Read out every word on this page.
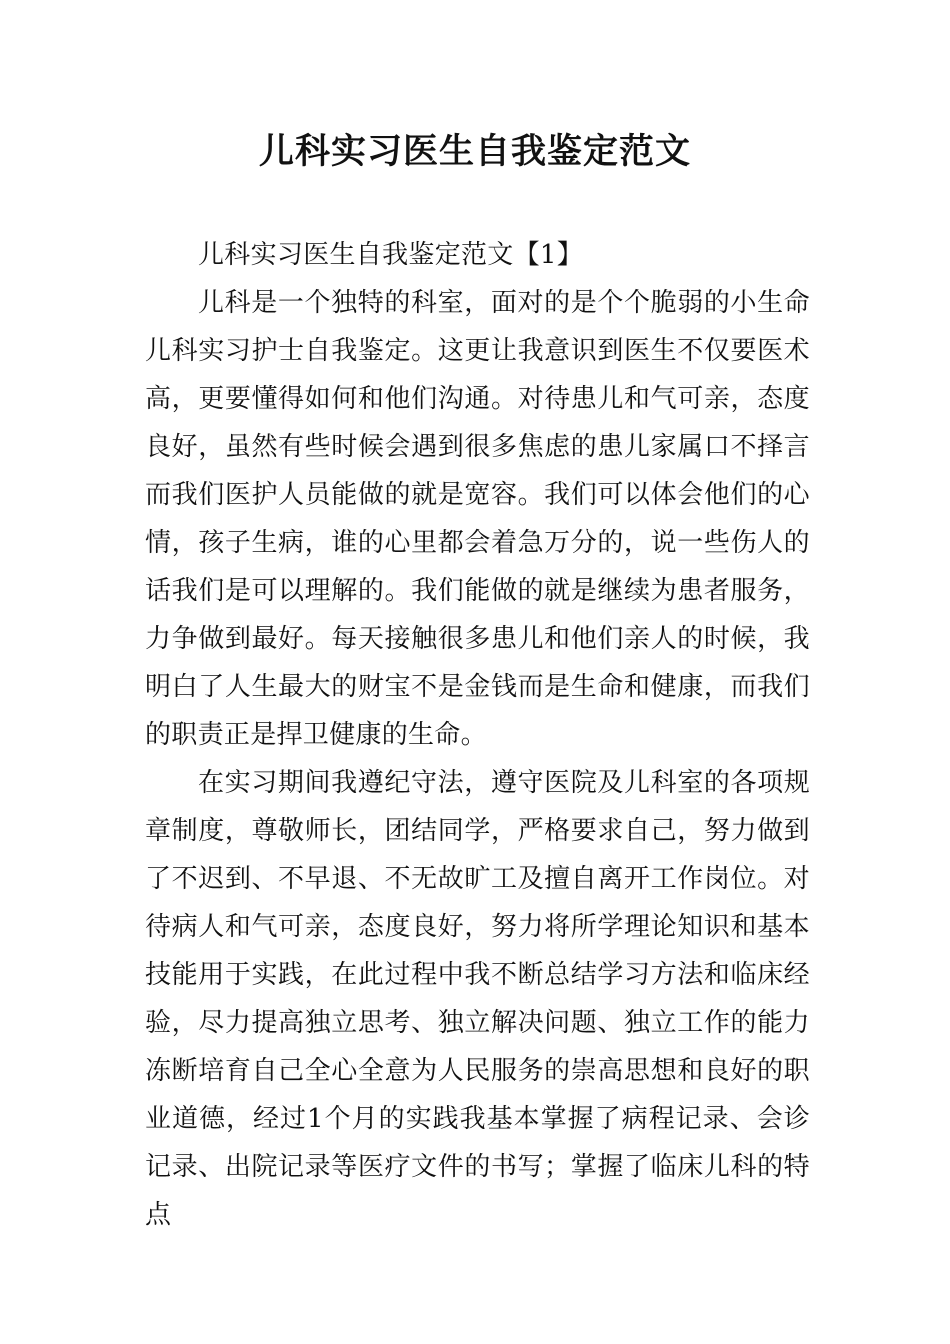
儿科实习医生自我鉴定范文

儿科实习医生自我鉴定范文【1】

儿科是一个独特的科室，面对的是个个脆弱的小生命儿科实习护士自我鉴定。这更让我意识到医生不仅要医术高，更要懂得如何和他们沟通。对待患儿和气可亲，态度良好，虽然有些时候会遇到很多焦虑的患儿家属口不择言而我们医护人员能做的就是宽容。我们可以体会他们的心情，孩子生病，谁的心里都会着急万分的，说一些伤人的话我们是可以理解的。我们能做的就是继续为患者服务，力争做到最好。每天接触很多患儿和他们亲人的时候，我明白了人生最大的财宝不是金钱而是生命和健康，而我们的职责正是捍卫健康的生命。

在实习期间我遵纪守法，遵守医院及儿科室的各项规章制度，尊敬师长，团结同学，严格要求自己，努力做到了不迟到、不早退、不无故旷工及擅自离开工作岗位。对待病人和气可亲，态度良好，努力将所学理论知识和基本技能用于实践，在此过程中我不断总结学习方法和临床经验，尽力提高独立思考、独立解决问题、独立工作的能力冻断培育自己全心全意为人民服务的崇高思想和良好的职业道德，经过1个月的实践我基本掌握了病程记录、会诊记录、出院记录等医疗文件的书写；掌握了临床儿科的特点
